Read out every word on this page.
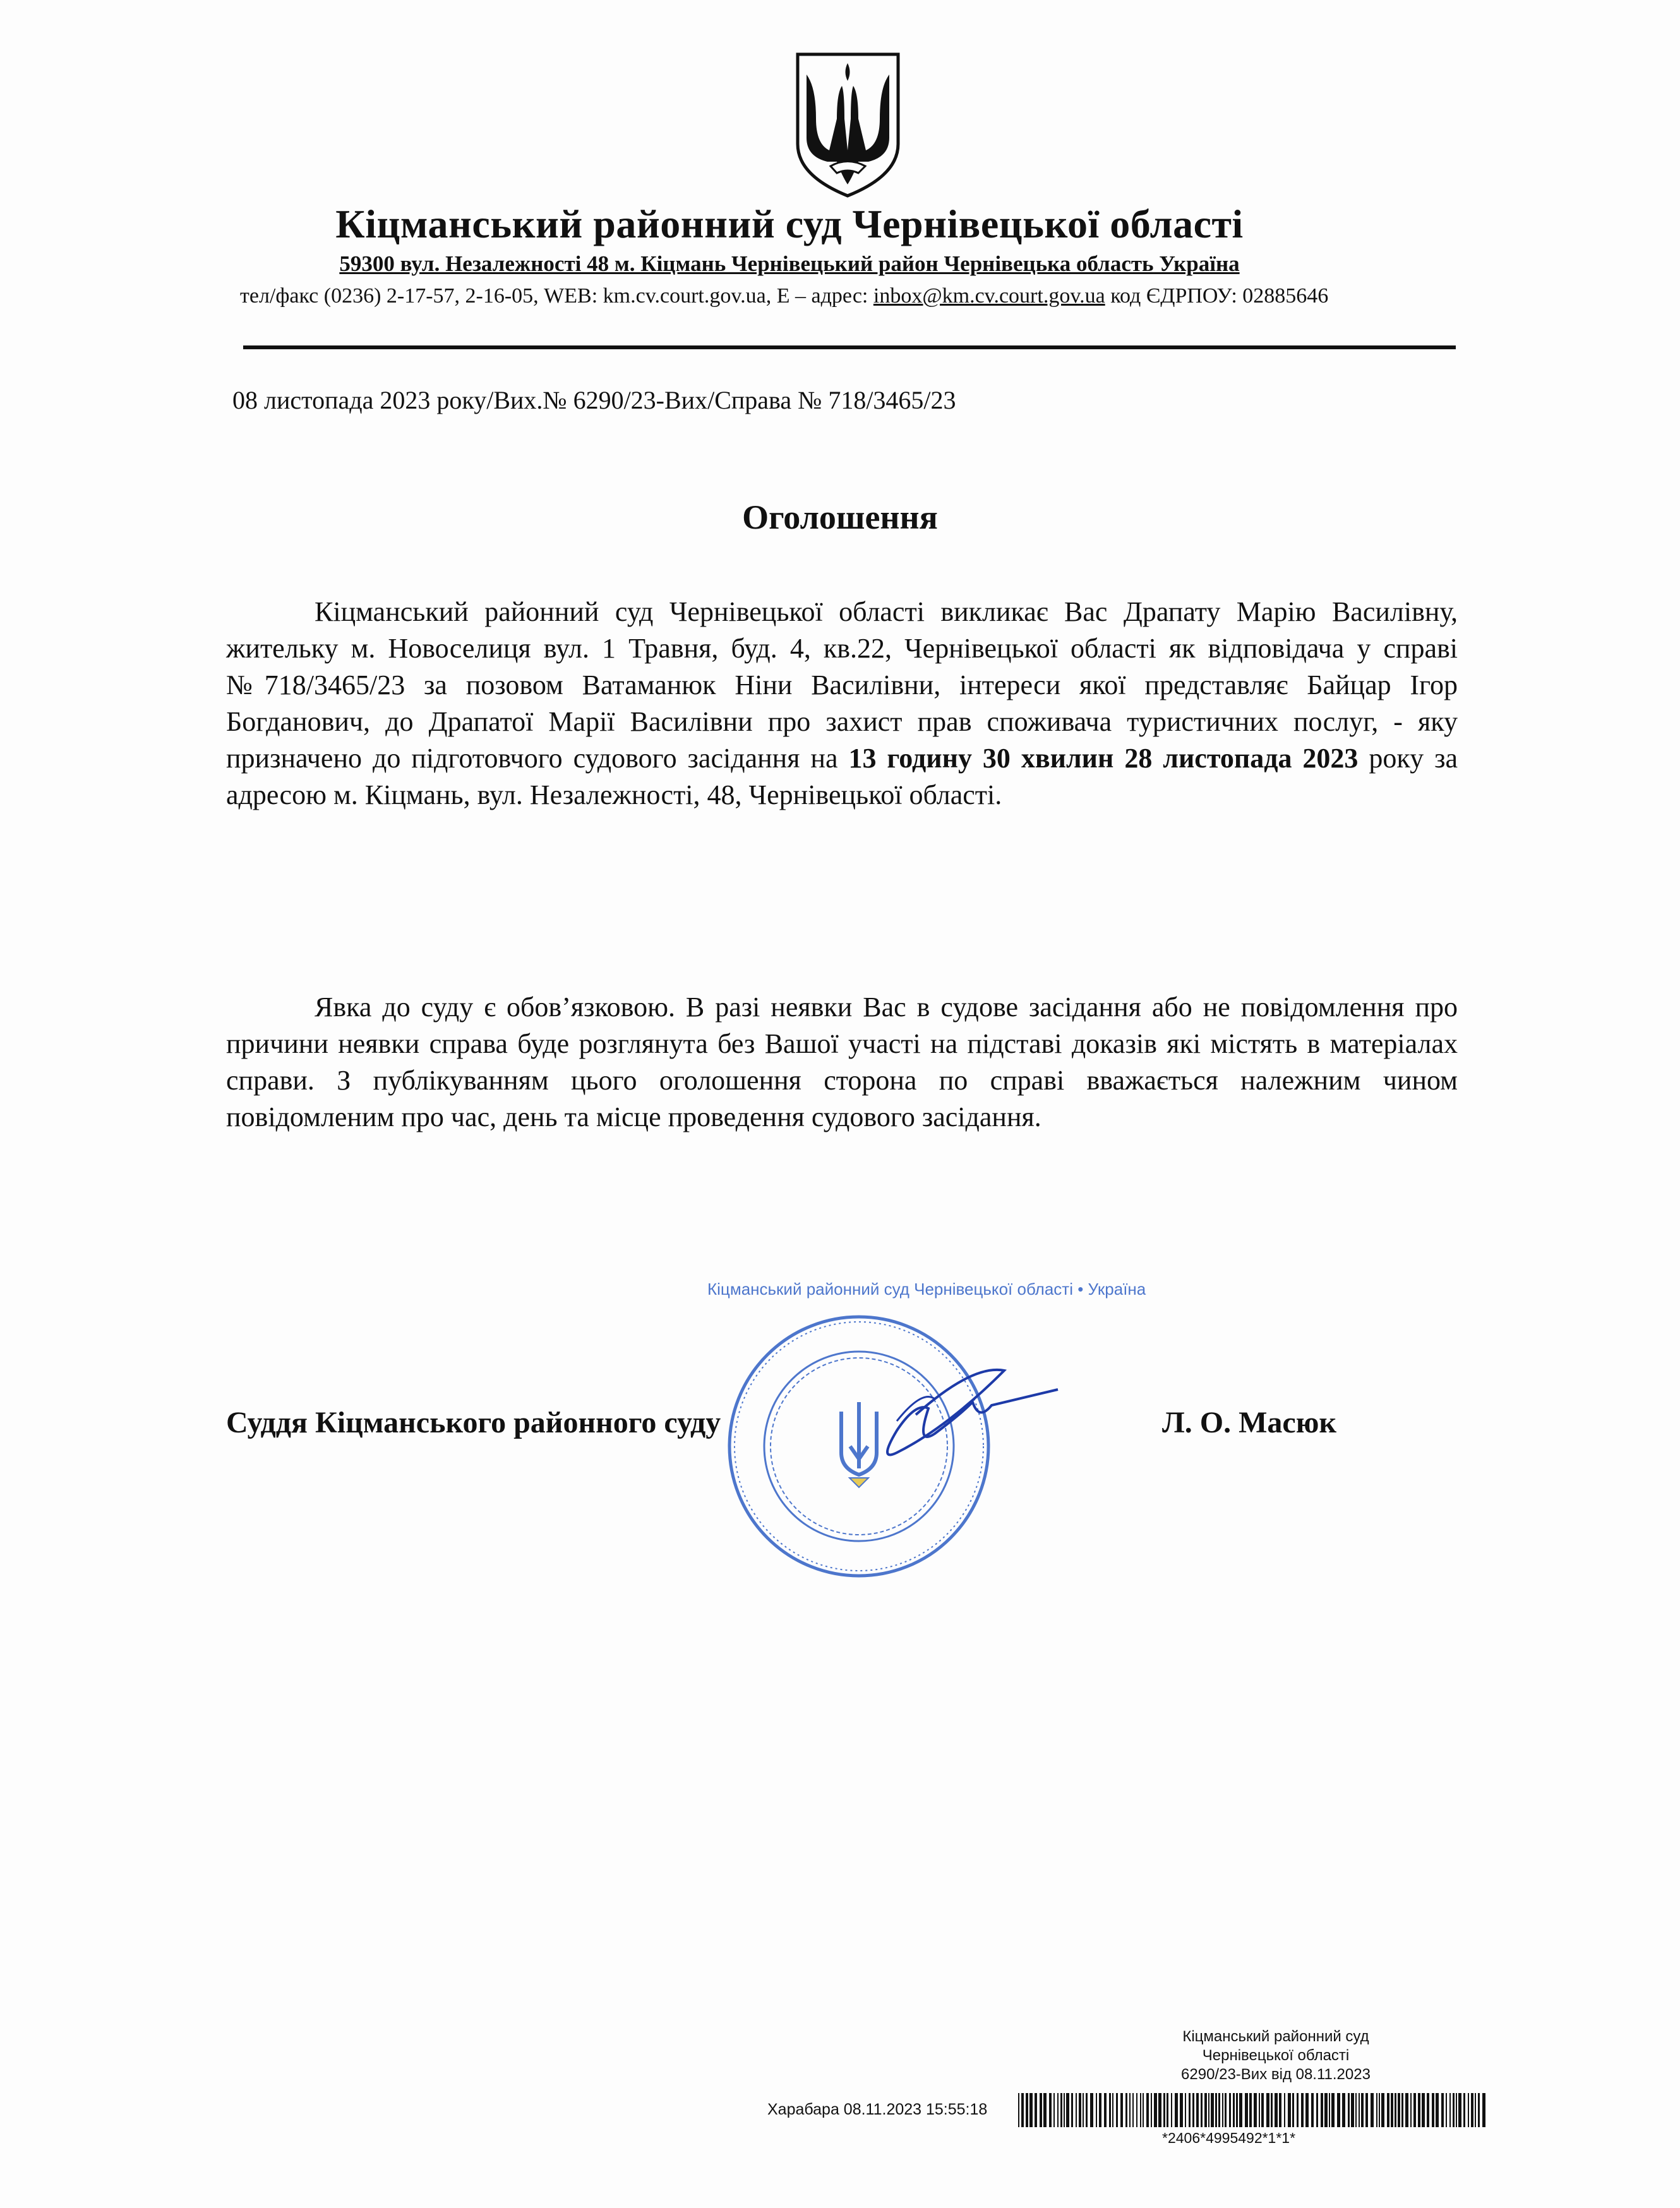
Кіцманський районний суд Чернівецької області
59300 вул. Незалежності 48 м. Кіцмань Чернівецький район Чернівецька область Україна
тел/факс (0236) 2-17-57, 2-16-05, WEB: km.cv.court.gov.ua, E – адрес: inbox@km.cv.court.gov.ua код ЄДРПОУ: 02885646
08 листопада 2023 року/Вих.№ 6290/23-Вих/Справа № 718/3465/23
Оголошення
Кіцманський районний суд Чернівецької області викликає Вас Драпату Марію Василівну, жительку м. Новоселиця вул. 1 Травня, буд. 4, кв.22, Чернівецької області як відповідача у справі №718/3465/23 за позовом Ватаманюк Ніни Василівни, інтереси якої представляє Байцар Ігор Богданович, до Драпатої Марії Василівни про захист прав споживача туристичних послуг, - яку призначено до підготовчого судового засідання на 13 годину 30 хвилин 28 листопада 2023 року за адресою м. Кіцмань, вул. Незалежності, 48, Чернівецької області.
Явка до суду є обов’язковою. В разі неявки Вас в судове засідання або не повідомлення про причини неявки справа буде розглянута без Вашої участі на підставі доказів які містять в матеріалах справи. З публікуванням цього оголошення сторона по справі вважається належним чином повідомленим про час, день та місце проведення судового засідання.
Суддя Кіцманського районного суду	Л. О. Масюк
Кіцманський районний суд Чернівецької області • Україна
Кіцманський районний суд
Чернівецької області
6290/23-Вих від 08.11.2023
Харабара 08.11.2023 15:55:18
*2406*4995492*1*1*
